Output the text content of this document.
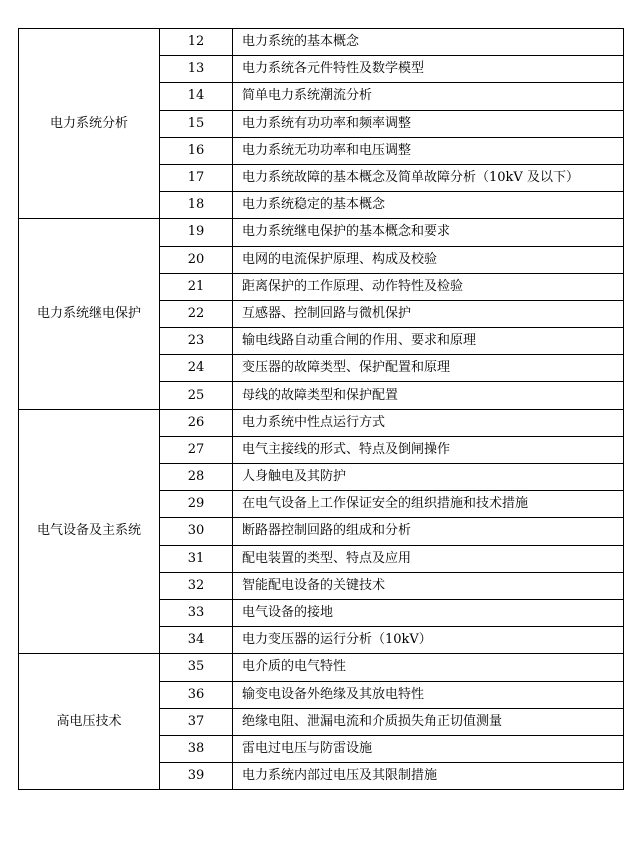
电力系统分析	12	电力系统的基本概念
	13	电力系统各元件特性及数学模型
	14	简单电力系统潮流分析
	15	电力系统有功功率和频率调整
	16	电力系统无功功率和电压调整
	17	电力系统故障的基本概念及简单故障分析（10kV 及以下）
	18	电力系统稳定的基本概念
电力系统继电保护	19	电力系统继电保护的基本概念和要求
	20	电网的电流保护原理、构成及校验
	21	距离保护的工作原理、动作特性及检验
	22	互感器、控制回路与微机保护
	23	输电线路自动重合闸的作用、要求和原理
	24	变压器的故障类型、保护配置和原理
	25	母线的故障类型和保护配置
电气设备及主系统	26	电力系统中性点运行方式
	27	电气主接线的形式、特点及倒闸操作
	28	人身触电及其防护
	29	在电气设备上工作保证安全的组织措施和技术措施
	30	断路器控制回路的组成和分析
	31	配电装置的类型、特点及应用
	32	智能配电设备的关键技术
	33	电气设备的接地
	34	电力变压器的运行分析（10kV）
高电压技术	35	电介质的电气特性
	36	输变电设备外绝缘及其放电特性
	37	绝缘电阻、泄漏电流和介质损失角正切值测量
	38	雷电过电压与防雷设施
	39	电力系统内部过电压及其限制措施
